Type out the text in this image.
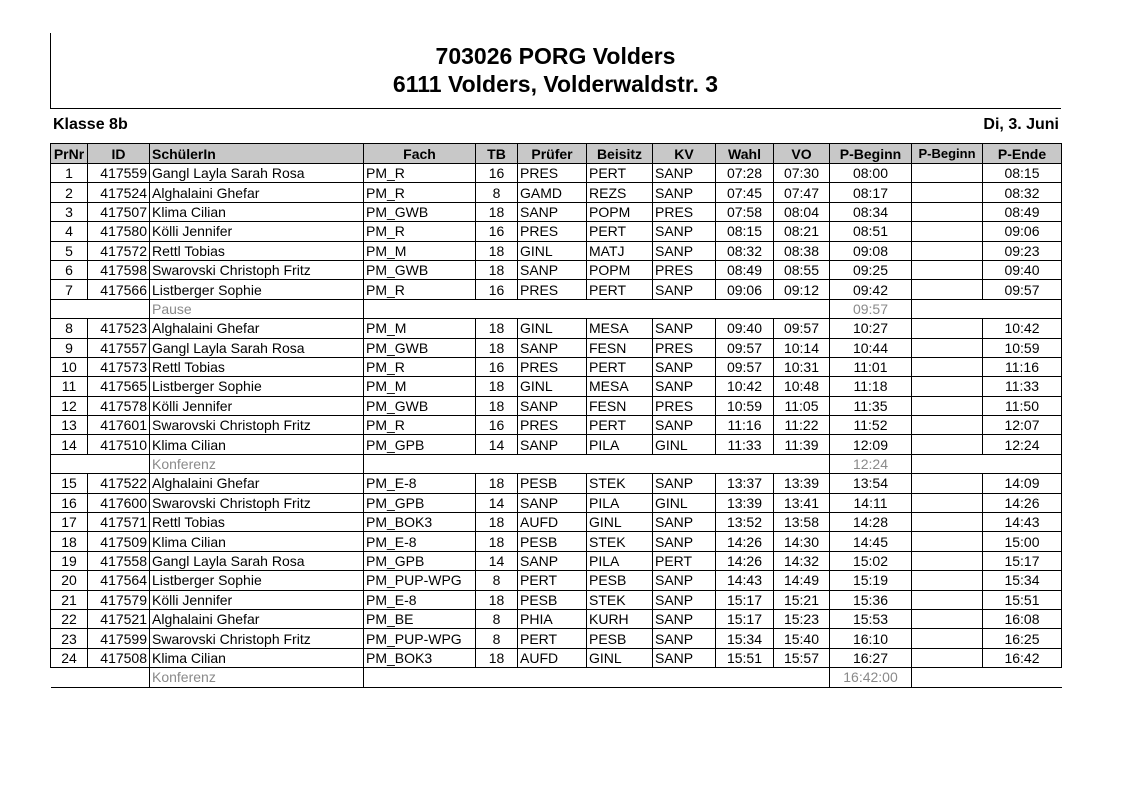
703026 PORG Volders
6111 Volders, Volderwaldstr. 3
Klasse 8b	Di, 3. Juni
PrNr	ID	SchülerIn	Fach	TB	Prüfer	Beisitz	KV	Wahl	VO	P-Beginn	P-Beginn	P-Ende
1	417559	Gangl Layla Sarah Rosa	PM_R	16	PRES	PERT	SANP	07:28	07:30	08:00		08:15
2	417524	Alghalaini Ghefar	PM_R	8	GAMD	REZS	SANP	07:45	07:47	08:17		08:32
3	417507	Klima Cilian	PM_GWB	18	SANP	POPM	PRES	07:58	08:04	08:34		08:49
4	417580	Kölli Jennifer	PM_R	16	PRES	PERT	SANP	08:15	08:21	08:51		09:06
5	417572	Rettl Tobias	PM_M	18	GINL	MATJ	SANP	08:32	08:38	09:08		09:23
6	417598	Swarovski Christoph Fritz	PM_GWB	18	SANP	POPM	PRES	08:49	08:55	09:25		09:40
7	417566	Listberger Sophie	PM_R	16	PRES	PERT	SANP	09:06	09:12	09:42		09:57
		Pause								09:57		
8	417523	Alghalaini Ghefar	PM_M	18	GINL	MESA	SANP	09:40	09:57	10:27		10:42
9	417557	Gangl Layla Sarah Rosa	PM_GWB	18	SANP	FESN	PRES	09:57	10:14	10:44		10:59
10	417573	Rettl Tobias	PM_R	16	PRES	PERT	SANP	09:57	10:31	11:01		11:16
11	417565	Listberger Sophie	PM_M	18	GINL	MESA	SANP	10:42	10:48	11:18		11:33
12	417578	Kölli Jennifer	PM_GWB	18	SANP	FESN	PRES	10:59	11:05	11:35		11:50
13	417601	Swarovski Christoph Fritz	PM_R	16	PRES	PERT	SANP	11:16	11:22	11:52		12:07
14	417510	Klima Cilian	PM_GPB	14	SANP	PILA	GINL	11:33	11:39	12:09		12:24
		Konferenz								12:24		
15	417522	Alghalaini Ghefar	PM_E-8	18	PESB	STEK	SANP	13:37	13:39	13:54		14:09
16	417600	Swarovski Christoph Fritz	PM_GPB	14	SANP	PILA	GINL	13:39	13:41	14:11		14:26
17	417571	Rettl Tobias	PM_BOK3	18	AUFD	GINL	SANP	13:52	13:58	14:28		14:43
18	417509	Klima Cilian	PM_E-8	18	PESB	STEK	SANP	14:26	14:30	14:45		15:00
19	417558	Gangl Layla Sarah Rosa	PM_GPB	14	SANP	PILA	PERT	14:26	14:32	15:02		15:17
20	417564	Listberger Sophie	PM_PUP-WPG	8	PERT	PESB	SANP	14:43	14:49	15:19		15:34
21	417579	Kölli Jennifer	PM_E-8	18	PESB	STEK	SANP	15:17	15:21	15:36		15:51
22	417521	Alghalaini Ghefar	PM_BE	8	PHIA	KURH	SANP	15:17	15:23	15:53		16:08
23	417599	Swarovski Christoph Fritz	PM_PUP-WPG	8	PERT	PESB	SANP	15:34	15:40	16:10		16:25
24	417508	Klima Cilian	PM_BOK3	18	AUFD	GINL	SANP	15:51	15:57	16:27		16:42
		Konferenz								16:42:00		
